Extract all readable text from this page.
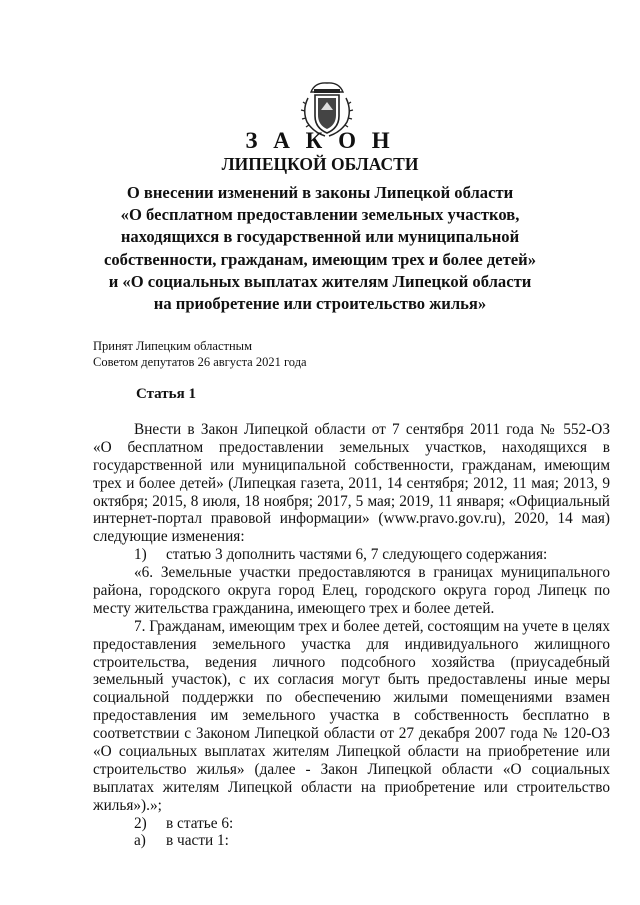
З А К О Н
ЛИПЕЦКОЙ ОБЛАСТИ
О внесении изменений в законы Липецкой области
«О бесплатном предоставлении земельных участков,
находящихся в государственной или муниципальной
собственности, гражданам, имеющим трех и более детей»
и «О социальных выплатах жителям Липецкой области
на приобретение или строительство жилья»
Принят Липецким областным
Советом депутатов 26 августа 2021 года
Статья 1
Внести в Закон Липецкой области от 7 сентября 2011 года № 552-ОЗ
«О бесплатном предоставлении земельных участков, находящихся в
государственной или муниципальной собственности, гражданам, имеющим
трех и более детей» (Липецкая газета, 2011, 14 сентября; 2012, 11 мая; 2013, 9
октября; 2015, 8 июля, 18 ноября; 2017, 5 мая; 2019, 11 января; «Официальный
интернет-портал правовой информации» (www.pravo.gov.ru), 2020, 14 мая)
следующие изменения:
1) статью 3 дополнить частями 6, 7 следующего содержания:
«6. Земельные участки предоставляются в границах муниципального
района, городского округа город Елец, городского округа город Липецк по
месту жительства гражданина, имеющего трех и более детей.
7. Гражданам, имеющим трех и более детей, состоящим на учете в целях
предоставления земельного участка для индивидуального жилищного
строительства, ведения личного подсобного хозяйства (приусадебный
земельный участок), с их согласия могут быть предоставлены иные меры
социальной поддержки по обеспечению жилыми помещениями взамен
предоставления им земельного участка в собственность бесплатно в
соответствии с Законом Липецкой области от 27 декабря 2007 года № 120-ОЗ
«О социальных выплатах жителям Липецкой области на приобретение или
строительство жилья» (далее - Закон Липецкой области «О социальных
выплатах жителям Липецкой области на приобретение или строительство
жилья»).»;
2) в статье 6:
а) в части 1:
